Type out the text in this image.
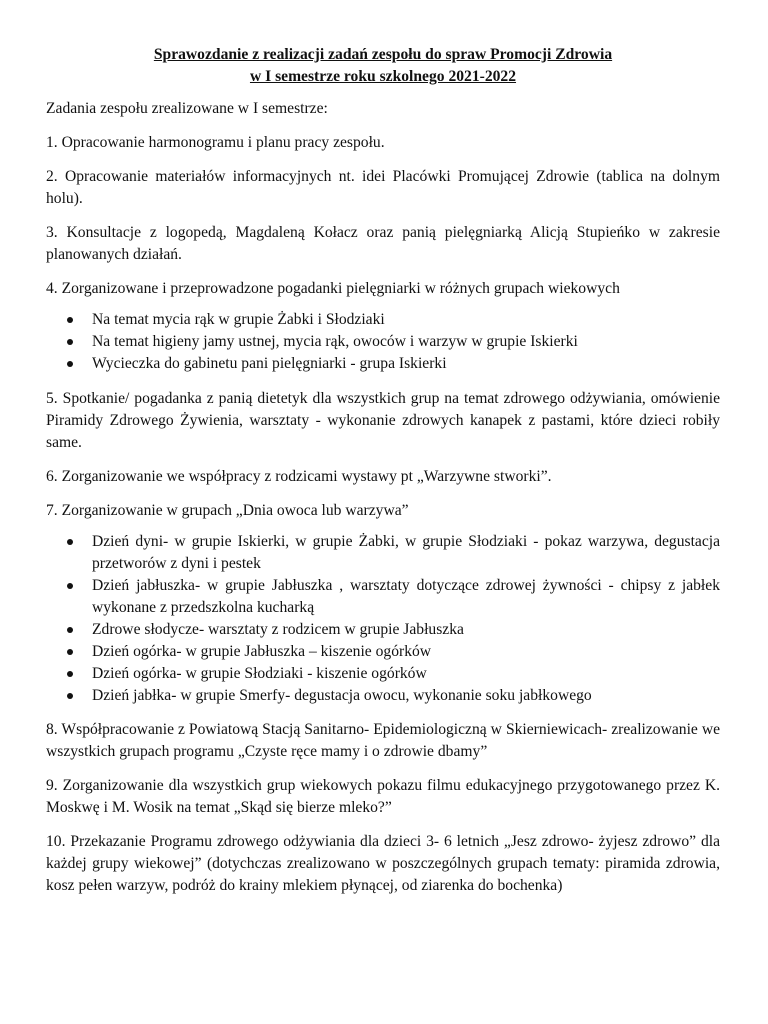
Sprawozdanie z realizacji zadań zespołu do spraw Promocji Zdrowia

w I semestrze roku szkolnego 2021-2022

Zadania zespołu zrealizowane w I semestrze:

1. Opracowanie harmonogramu i planu pracy zespołu.

2. Opracowanie materiałów informacyjnych nt. idei Placówki Promującej Zdrowie (tablica na dolnym holu).

3. Konsultacje z logopedą, Magdaleną Kołacz oraz panią pielęgniarką Alicją Stupieńko w zakresie planowanych działań.

4. Zorganizowane i przeprowadzone pogadanki pielęgniarki w różnych grupach wiekowych

Na temat mycia rąk w grupie Żabki i Słodziaki
Na temat higieny jamy ustnej, mycia rąk, owoców i warzyw w grupie Iskierki
Wycieczka do gabinetu pani pielęgniarki - grupa Iskierki

5. Spotkanie/ pogadanka z panią dietetyk dla wszystkich grup na temat zdrowego odżywiania, omówienie Piramidy Zdrowego Żywienia, warsztaty - wykonanie zdrowych kanapek z pastami, które dzieci robiły same.

6. Zorganizowanie we współpracy z rodzicami wystawy pt „Warzywne stworki”.

7. Zorganizowanie w grupach „Dnia owoca lub warzywa”

Dzień dyni- w grupie Iskierki, w grupie Żabki, w grupie Słodziaki - pokaz warzywa, degustacja przetworów z dyni i pestek
Dzień jabłuszka- w grupie Jabłuszka , warsztaty dotyczące zdrowej żywności - chipsy z jabłek wykonane z przedszkolna kucharką
Zdrowe słodycze- warsztaty z rodzicem w grupie Jabłuszka
Dzień ogórka- w grupie Jabłuszka – kiszenie ogórków
Dzień ogórka- w grupie Słodziaki - kiszenie ogórków
Dzień jabłka- w grupie Smerfy- degustacja owocu, wykonanie soku jabłkowego

8. Współpracowanie z Powiatową Stacją Sanitarno- Epidemiologiczną w Skierniewicach- zrealizowanie we wszystkich grupach programu „Czyste ręce mamy i o zdrowie dbamy”

9. Zorganizowanie dla wszystkich grup wiekowych pokazu filmu edukacyjnego przygotowanego przez K. Moskwę i M. Wosik na temat „Skąd się bierze mleko?”

10. Przekazanie Programu zdrowego odżywiania dla dzieci 3- 6 letnich „Jesz zdrowo- żyjesz zdrowo” dla każdej grupy wiekowej” (dotychczas zrealizowano w poszczególnych grupach tematy: piramida zdrowia, kosz pełen warzyw, podróż do krainy mlekiem płynącej, od ziarenka do bochenka)
